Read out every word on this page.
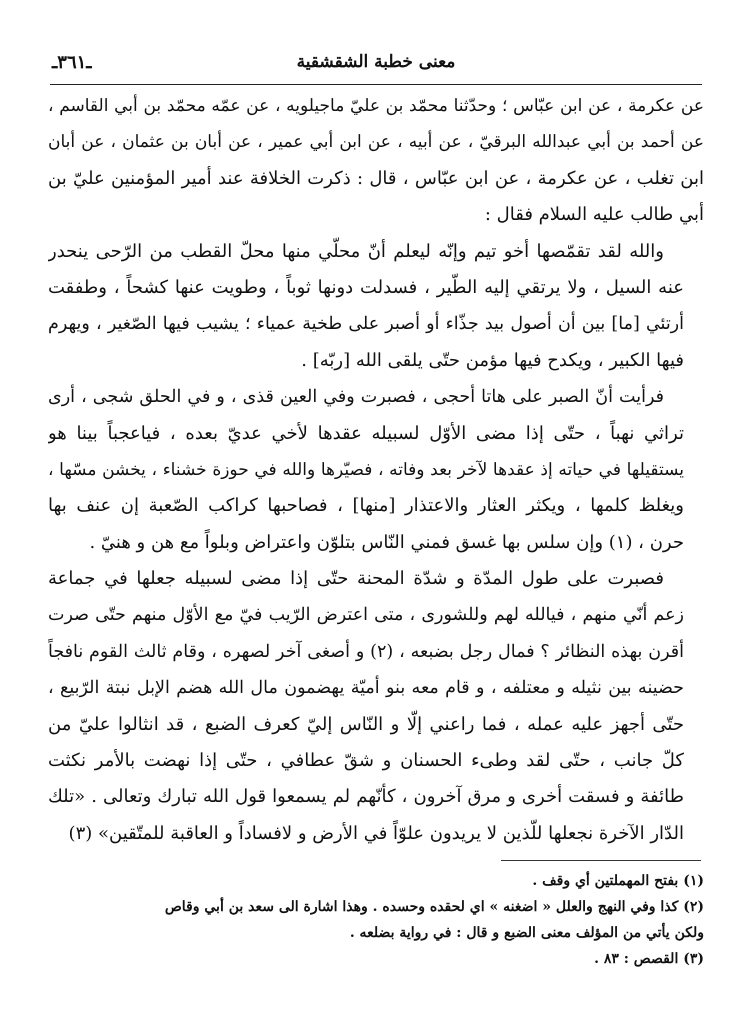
معنى خطبة الشقشقية
ـ٣٦١ـ
عن عكرمة ، عن ابن عبّاس ؛ وحدّثنا محمّد بن عليّ ماجيلويه ، عن عمّه محمّد بن أبي القاسم ،
عن أحمد بن أبي عبدالله البرقيّ ، عن أبيه ، عن ابن أبي عمير ، عن أبان بن عثمان ، عن أبان
ابن تغلب ، عن عكرمة ، عن ابن عبّاس ، قال : ذكرت الخلافة عند أمير المؤمنين عليّ بن
أبي طالب عليه السلام فقال :
والله لقد تقمّصها أخو تيم وإنّه ليعلم أنّ محلّي منها محلّ القطب من الرّحى ينحدر
عنه السيل ، ولا يرتقي إليه الطّير ، فسدلت دونها ثوباً ، وطويت عنها كشحاً ، وطفقت
أرتئي [ما] بين أن أصول بيد جذّاء أو أصبر على طخية عمياء ؛ يشيب فيها الصّغير ، ويهرم
فيها الكبير ، ويكدح فيها مؤمن حتّى يلقى الله [ربّه] .
فرأيت أنّ الصبر على هاتا أحجى ، فصبرت وفي العين قذى ، و في الحلق شجى ، أرى
تراثي نهباً ، حتّى إذا مضى الأوّل لسبيله عقدها لأخي عديّ بعده ، فياعجباً بينا هو
يستقيلها في حياته إذ عقدها لآخر بعد وفاته ، فصيّرها والله في حوزة خشناء ، يخشن مسّها ،
ويغلظ كلمها ، ويكثر العثار والاعتذار [منها] ، فصاحبها كراكب الصّعبة إن عنف بها
حرن ، (١) وإن سلس بها غسق فمني النّاس بتلوّن واعتراض وبلواً مع هن و هنيّ .
فصبرت على طول المدّة و شدّة المحنة حتّى إذا مضى لسبيله جعلها في جماعة
زعم أنّي منهم ، فيالله لهم وللشورى ، متى اعترض الرّيب فيّ مع الأوّل منهم حتّى صرت
أقرن بهذه النظائر ؟ فمال رجل بضبعه ، (٢) و أصغى آخر لصهره ، وقام ثالث القوم نافجاً
حضينه بين نثيله و معتلفه ، و قام معه بنو أميّة يهضمون مال الله هضم الإبل نبتة الرّبيع ،
حتّى أجهز عليه عمله ، فما راعني إلّا و النّاس إليّ كعرف الضبع ، قد انثالوا عليّ من
كلّ جانب ، حتّى لقد وطىء الحسنان و شقّ عطافي ، حتّى إذا نهضت بالأمر نكثت
طائفة و فسقت أخرى و مرق آخرون ، كأنّهم لم يسمعوا قول الله تبارك وتعالى . «تلك
الدّار الآخرة نجعلها للّذين لا يريدون علوّاً في الأرض و لافساداً و العاقبة للمتّقين» (٣)
(١) بفتح المهملتين أي وقف .
(٢) كذا وفي النهج والعلل « اضغنه » اي لحقده وحسده . وهذا اشارة الى سعد بن أبي وقاص
ولكن يأتي من المؤلف معنى الضبع و قال : في رواية بضلعه .
(٣) القصص : ٨٣ .
